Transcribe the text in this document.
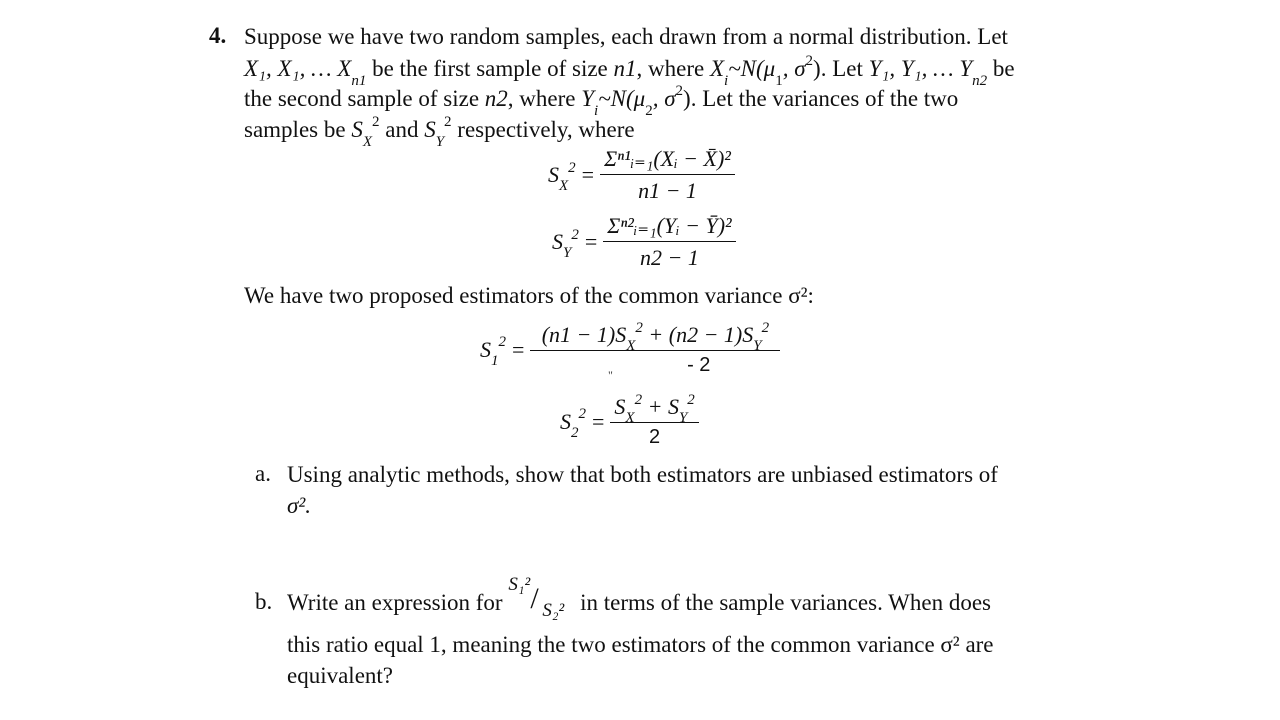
4. Suppose we have two random samples, each drawn from a normal distribution. Let
X₁, X₁, … $X_{n1}$ be the first sample of size n1, where $X_i\sim N(\mu_1$, $\sigma^2$). Let Y₁, Y₁, … $Y_{n2}$ be
the second sample of size n2, where $Y_i\sim N(\mu_2$, $\sigma^2$). Let the variances of the two
samples be $S_X^2$ and $S_Y^2$ respectively, where
$S_X^2 = \frac{\text{Σⁿ¹ᵢ₌₁(Xᵢ − X̄)²}}{n1 - 1}$
$S_Y^2 = \frac{\text{Σⁿ²ᵢ₌₁(Yᵢ − Ȳ)²}}{n2 - 1}$
We have two proposed estimators of the common variance σ²:
$S_1^2 = \frac{(n1 - 1)S_X^2 + (n2 - 1)S_Y^2}{- 2}$
"
$S_2^2 = \frac{S_X^2 + S_Y^2}{2}$
a. Using analytic methods, show that both estimators are unbiased estimators of
σ².
b. Write an expression for
S₁² / S₂² in terms of the sample variances. When does
this ratio equal 1, meaning the two estimators of the common variance σ² are
equivalent?
